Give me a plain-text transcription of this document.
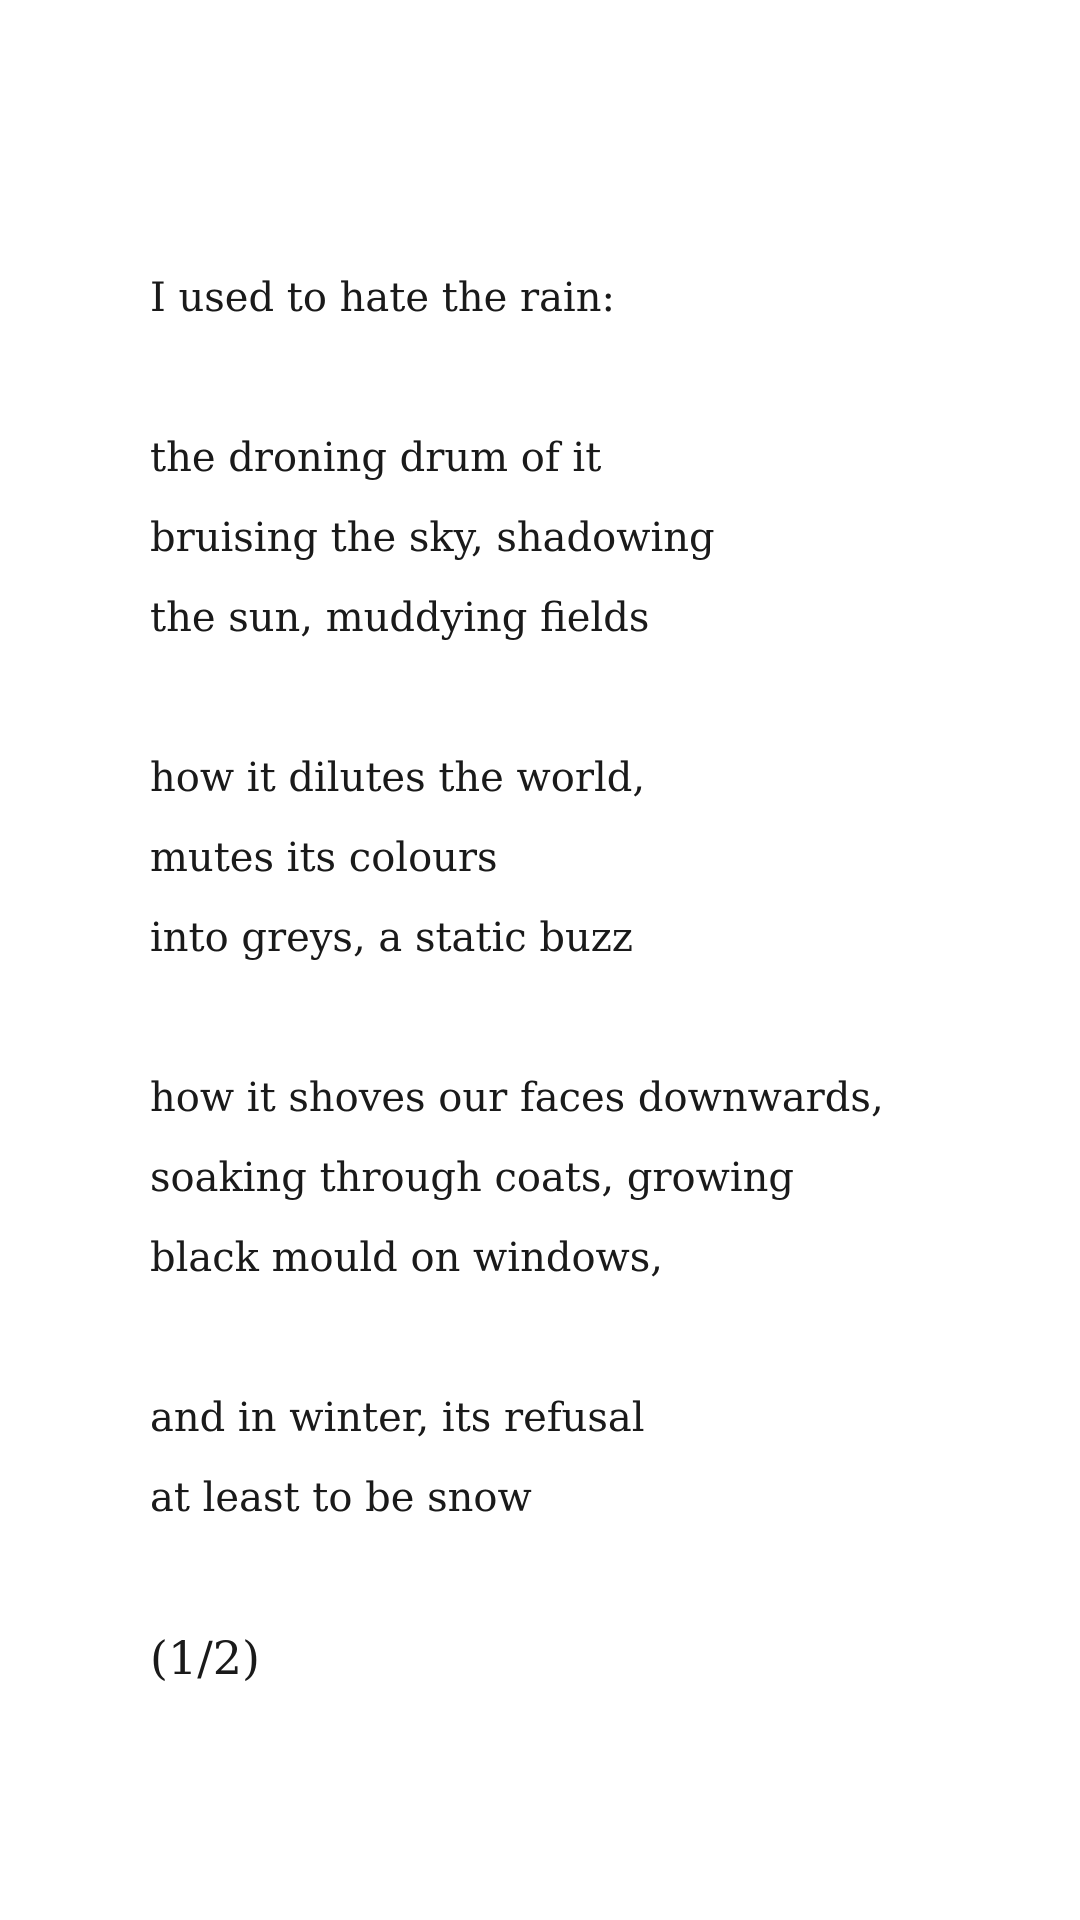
I used to hate the rain:

the droning drum of it

bruising the sky, shadowing

the sun, muddying fields

how it dilutes the world,

mutes its colours

into greys, a static buzz

how it shoves our faces downwards,

soaking through coats, growing

black mould on windows,

and in winter, its refusal

at least to be snow

(1/2)
